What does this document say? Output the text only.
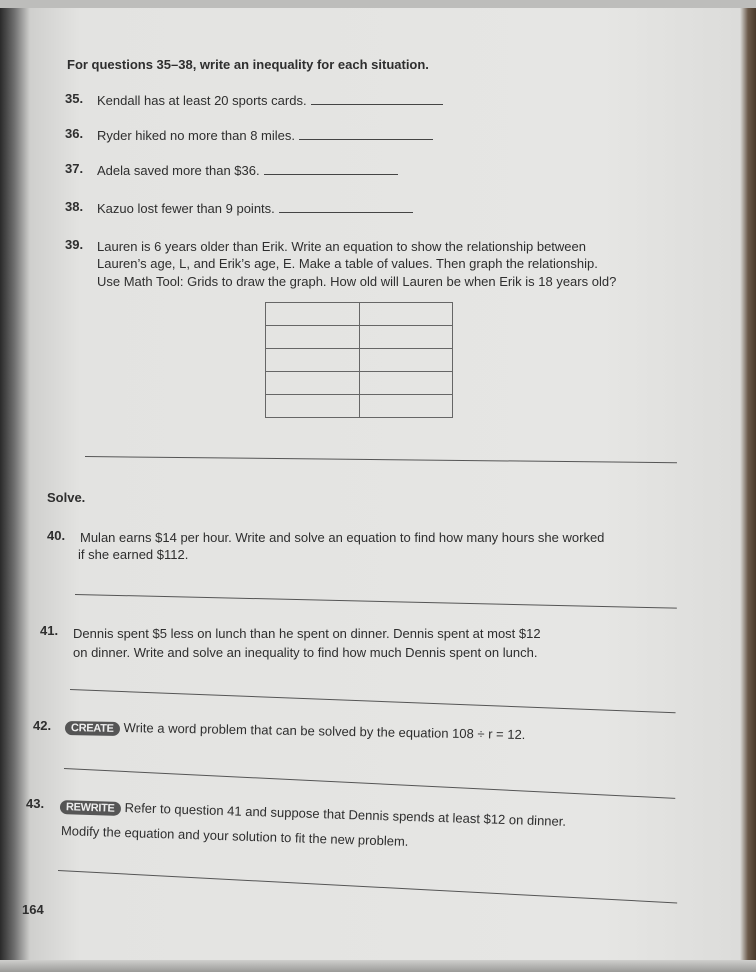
For questions 35–38, write an inequality for each situation.
35. Kendall has at least 20 sports cards.
36. Ryder hiked no more than 8 miles.
37. Adela saved more than $36.
38. Kazuo lost fewer than 9 points.
39. Lauren is 6 years older than Erik. Write an equation to show the relationship between
Lauren’s age, L, and Erik’s age, E. Make a table of values. Then graph the relationship.
Use Math Tool: Grids to draw the graph. How old will Lauren be when Erik is 18 years old?

Solve.
40. Mulan earns $14 per hour. Write and solve an equation to find how many hours she worked
if she earned $112.
41. Dennis spent $5 less on lunch than he spent on dinner. Dennis spent at most $12
on dinner. Write and solve an inequality to find how much Dennis spent on lunch.
42.	CREATE Write a word problem that can be solved by the equation 108 ÷ r = 12.
43.	REWRITE Refer to question 41 and suppose that Dennis spends at least $12 on dinner.
Modify the equation and your solution to fit the new problem.
164
